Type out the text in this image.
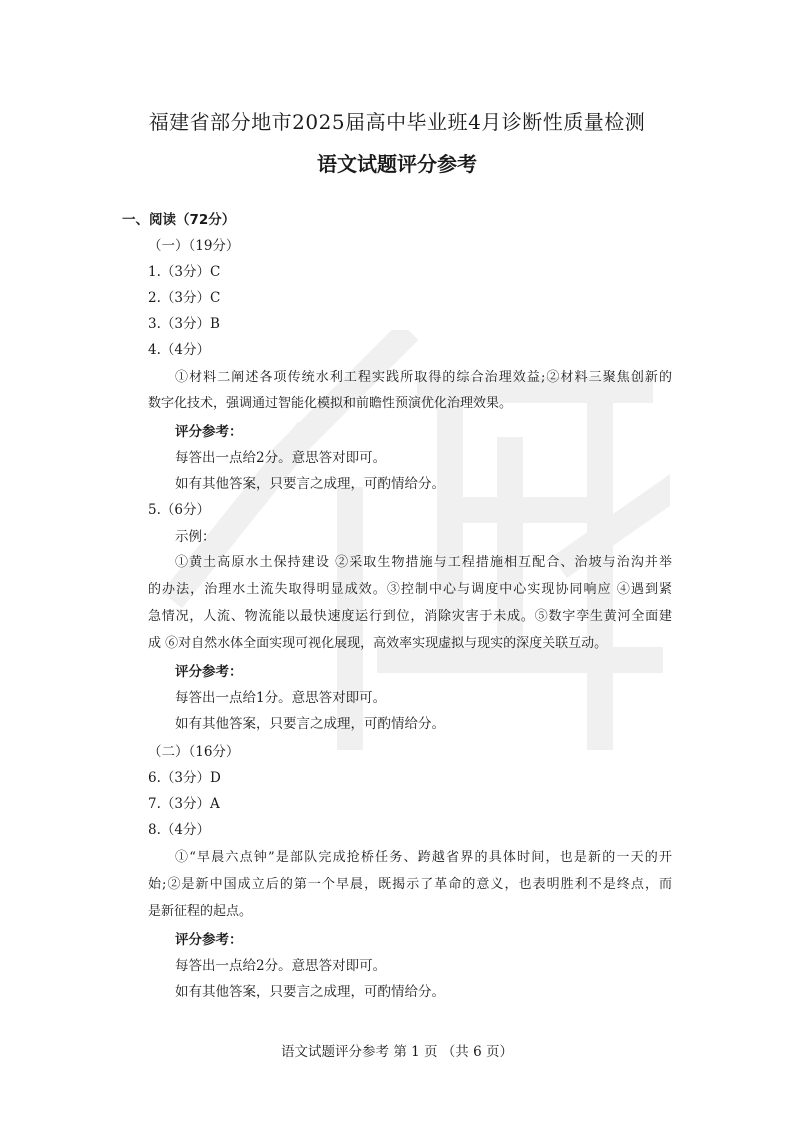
福建省部分地市2025届高中毕业班4月诊断性质量检测
语文试题评分参考
一、阅读（72分）
（一）（19分）
1.（3分）C
2.（3分）C
3.（3分）B
4.（4分）
①材料二阐述各项传统水利工程实践所取得的综合治理效益;②材料三聚焦创新的
数字化技术，强调通过智能化模拟和前瞻性预演优化治理效果。
评分参考：
每答出一点给2分。意思答对即可。
如有其他答案，只要言之成理，可酌情给分。
5.（6分）
示例：
①黄土高原水土保持建设 ②采取生物措施与工程措施相互配合、治坡与治沟并举
的办法，治理水土流失取得明显成效。③控制中心与调度中心实现协同响应 ④遇到紧
急情况，人流、物流能以最快速度运行到位，消除灾害于未成。⑤数字孪生黄河全面建
成 ⑥对自然水体全面实现可视化展现，高效率实现虚拟与现实的深度关联互动。
评分参考：
每答出一点给1分。意思答对即可。
如有其他答案，只要言之成理，可酌情给分。
（二）（16分）
6.（3分）D
7.（3分）A
8.（4分）
①“早晨六点钟”是部队完成抢桥任务、跨越省界的具体时间，也是新的一天的开
始;②是新中国成立后的第一个早晨，既揭示了革命的意义，也表明胜利不是终点，而
是新征程的起点。
评分参考：
每答出一点给2分。意思答对即可。
如有其他答案，只要言之成理，可酌情给分。
语文试题评分参考 第 1 页 （共 6 页）
